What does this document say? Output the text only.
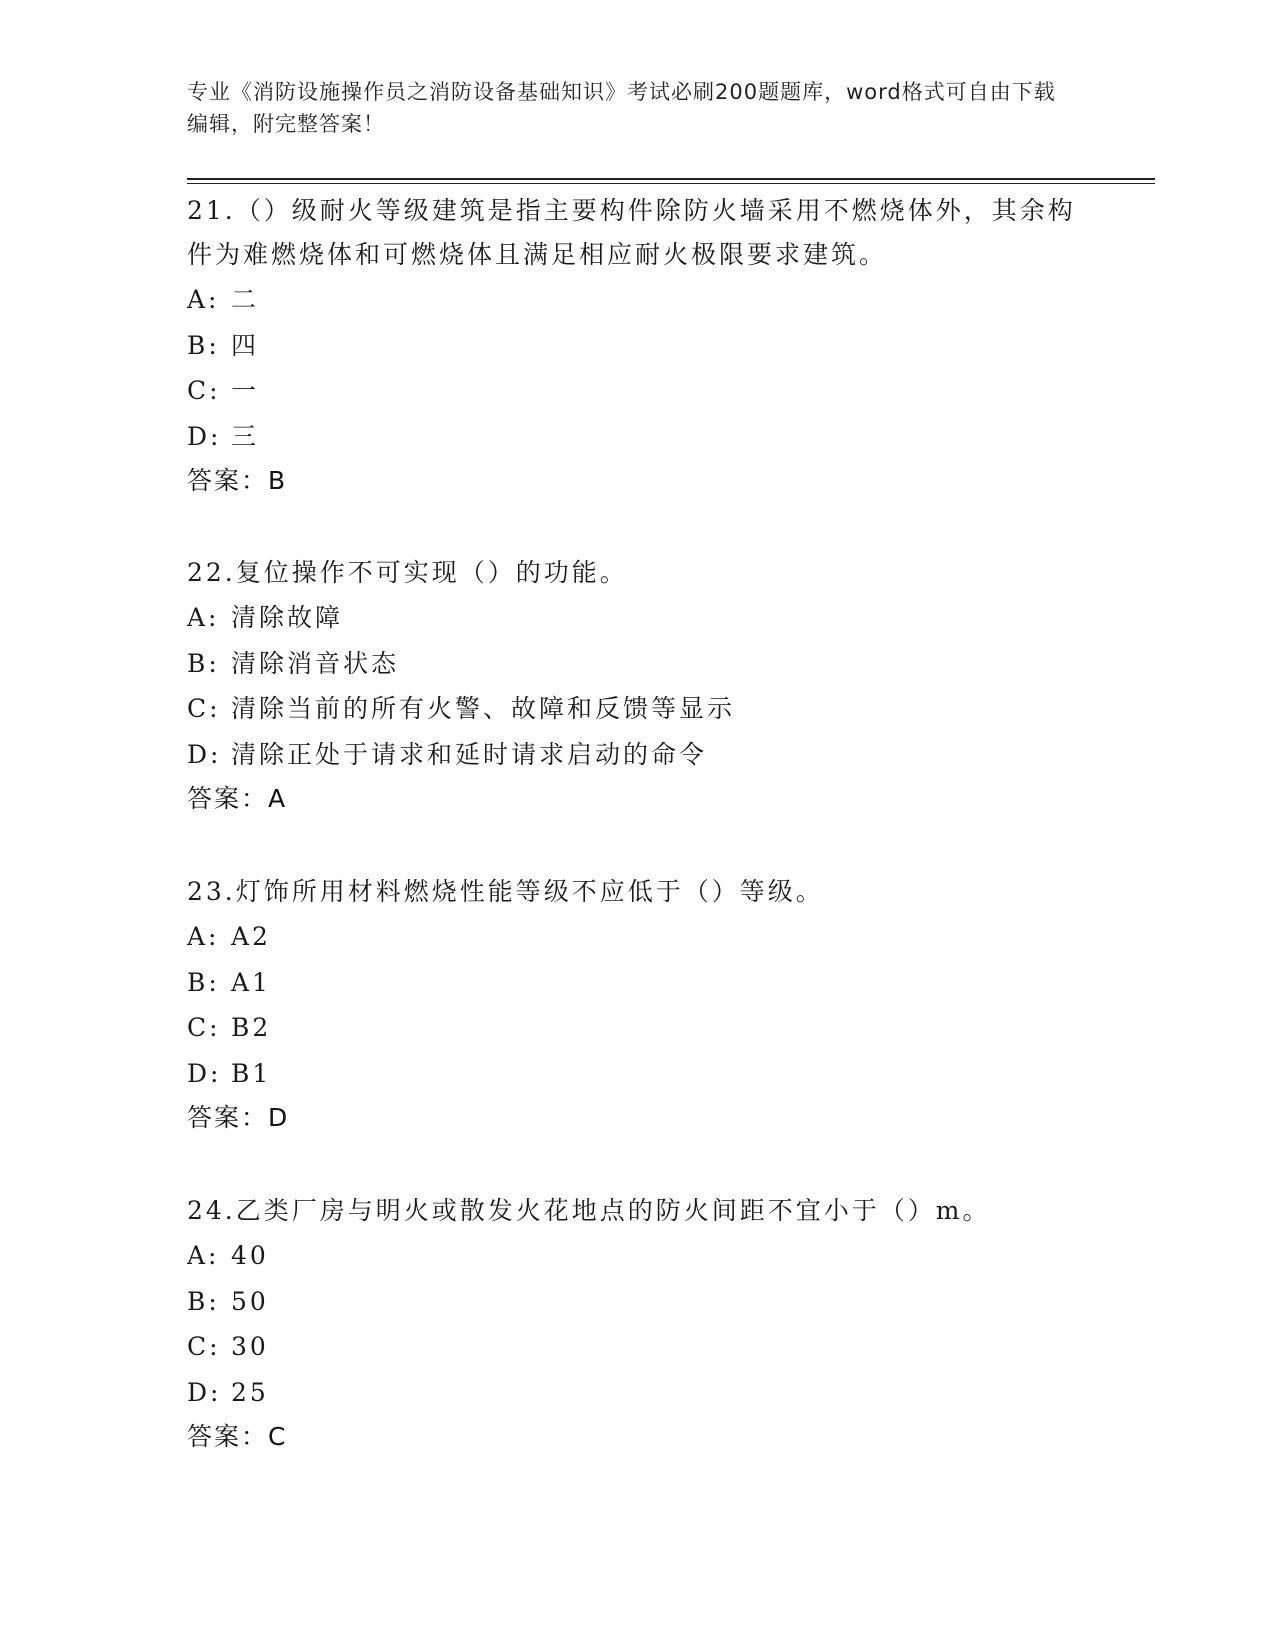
专业《消防设施操作员之消防设备基础知识》考试必刷200题题库，word格式可自由下载编辑，附完整答案！

21.（）级耐火等级建筑是指主要构件除防火墙采用不燃烧体外，其余构件为难燃烧体和可燃烧体且满足相应耐火极限要求建筑。

A: 二

B: 四

C: 一

D: 三

答案：B

22.复位操作不可实现（）的功能。

A: 清除故障

B: 清除消音状态

C: 清除当前的所有火警、故障和反馈等显示

D: 清除正处于请求和延时请求启动的命令

答案：A

23.灯饰所用材料燃烧性能等级不应低于（）等级。

A: A2

B: A1

C: B2

D: B1

答案：D

24.乙类厂房与明火或散发火花地点的防火间距不宜小于（）m。

A: 40

B: 50

C: 30

D: 25

答案：C
